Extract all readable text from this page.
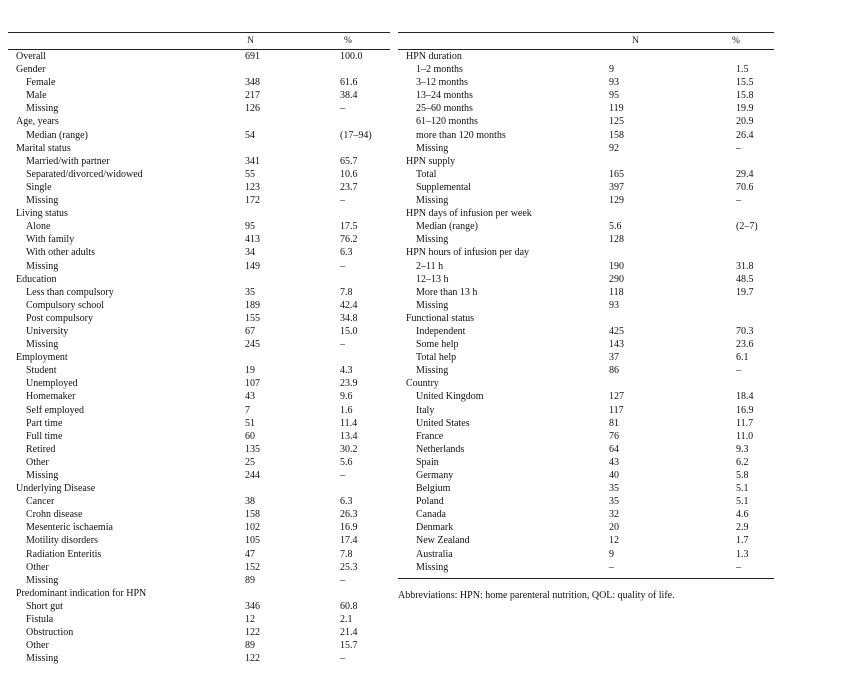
N	%
Overall	691	100.0
Gender
Female	348	61.6
Male	217	38.4
Missing	126	–
Age, years
Median (range)	54	(17–94)
Marital status
Married/with partner	341	65.7
Separated/divorced/widowed	55	10.6
Single	123	23.7
Missing	172	–
Living status
Alone	95	17.5
With family	413	76.2
With other adults	34	6.3
Missing	149	–
Education
Less than compulsory	35	7.8
Compulsory school	189	42.4
Post compulsory	155	34.8
University	67	15.0
Missing	245	–
Employment
Student	19	4.3
Unemployed	107	23.9
Homemaker	43	9.6
Self employed	7	1.6
Part time	51	11.4
Full time	60	13.4
Retired	135	30.2
Other	25	5.6
Missing	244	–
Underlying Disease
Cancer	38	6.3
Crohn disease	158	26.3
Mesenteric ischaemia	102	16.9
Motility disorders	105	17.4
Radiation Enteritis	47	7.8
Other	152	25.3
Missing	89	–
Predominant indication for HPN
Short gut	346	60.8
Fistula	12	2.1
Obstruction	122	21.4
Other	89	15.7
Missing	122	–
N	%
HPN duration
1–2 months	9	1.5
3–12 months	93	15.5
13–24 months	95	15.8
25–60 months	119	19.9
61–120 months	125	20.9
more than 120 months	158	26.4
Missing	92	–
HPN supply
Total	165	29.4
Supplemental	397	70.6
Missing	129	–
HPN days of infusion per week
Median (range)	5.6	(2–7)
Missing	128
HPN hours of infusion per day
2–11 h	190	31.8
12–13 h	290	48.5
More than 13 h	118	19.7
Missing	93
Functional status
Independent	425	70.3
Some help	143	23.6
Total help	37	6.1
Missing	86	–
Country
United Kingdom	127	18.4
Italy	117	16.9
United States	81	11.7
France	76	11.0
Netherlands	64	9.3
Spain	43	6.2
Germany	40	5.8
Belgium	35	5.1
Poland	35	5.1
Canada	32	4.6
Denmark	20	2.9
New Zealand	12	1.7
Australia	9	1.3
Missing	–	–
Abbreviations: HPN: home parenteral nutrition, QOL: quality of life.
